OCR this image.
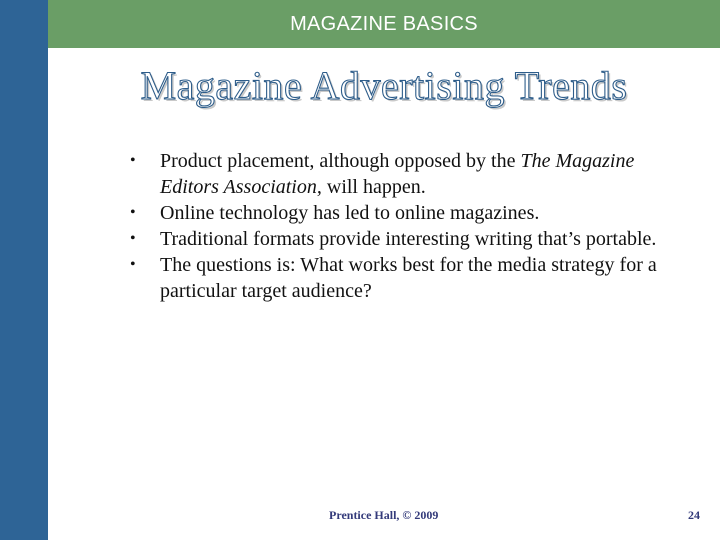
MAGAZINE BASICS
Magazine Advertising Trends
• Product placement, although opposed by the The Magazine Editors Association, will happen.
• Online technology has led to online magazines.
• Traditional formats provide interesting writing that’s portable.
• The questions is: What works best for the media strategy for a particular target audience?
Prentice Hall, © 2009	24
